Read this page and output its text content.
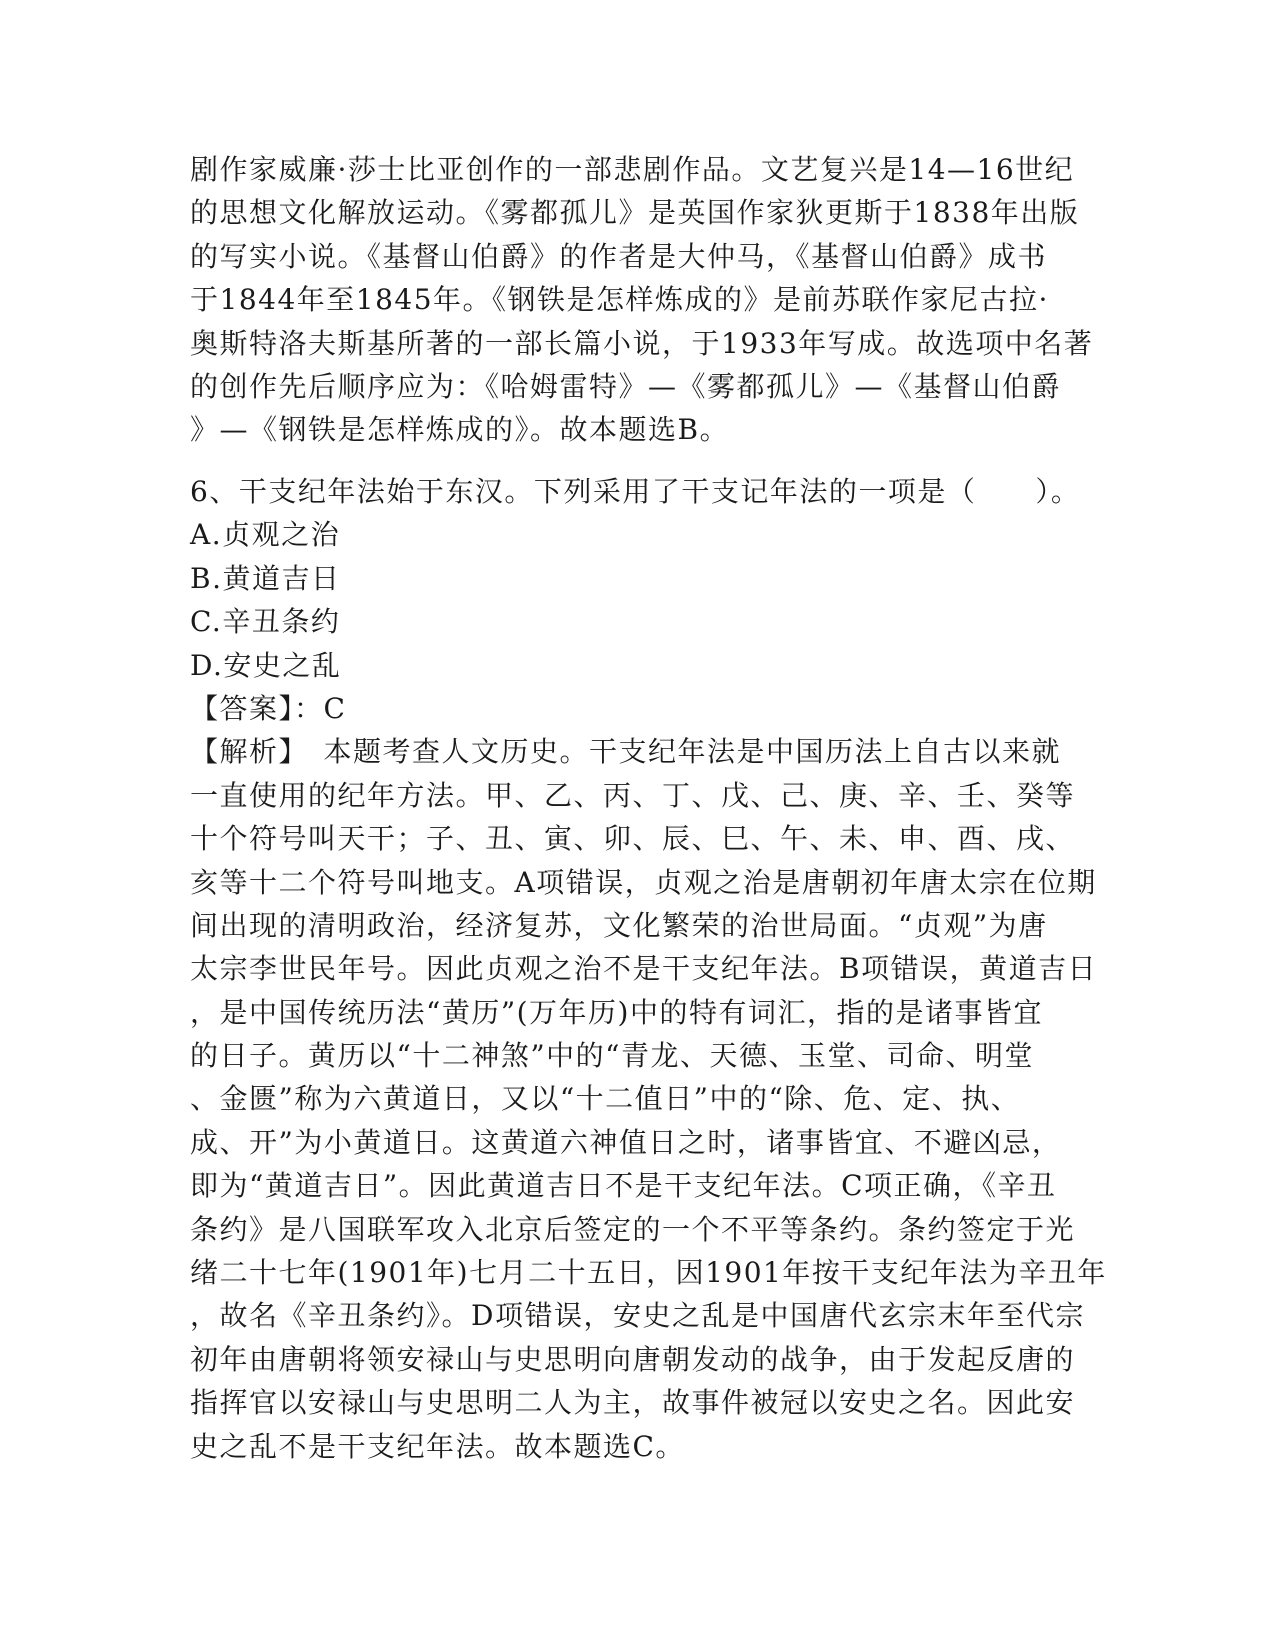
剧作家威廉·莎士比亚创作的一部悲剧作品。文艺复兴是14—16世纪
的思想文化解放运动。《雾都孤儿》是英国作家狄更斯于1838年出版
的写实小说。《基督山伯爵》的作者是大仲马，《基督山伯爵》成书
于1844年至1845年。《钢铁是怎样炼成的》是前苏联作家尼古拉·
奥斯特洛夫斯基所著的一部长篇小说，于1933年写成。故选项中名著
的创作先后顺序应为：《哈姆雷特》—《雾都孤儿》—《基督山伯爵
》—《钢铁是怎样炼成的》。故本题选B。
6、干支纪年法始于东汉。下列采用了干支记年法的一项是（　　）。
A.贞观之治
B.黄道吉日
C.辛丑条约
D.安史之乱
【答案】：C
【解析】　本题考查人文历史。干支纪年法是中国历法上自古以来就
一直使用的纪年方法。甲、乙、丙、丁、戊、己、庚、辛、壬、癸等
十个符号叫天干；子、丑、寅、卯、辰、巳、午、未、申、酉、戌、
亥等十二个符号叫地支。A项错误，贞观之治是唐朝初年唐太宗在位期
间出现的清明政治，经济复苏，文化繁荣的治世局面。“贞观”为唐
太宗李世民年号。因此贞观之治不是干支纪年法。B项错误，黄道吉日
，是中国传统历法“黄历”(万年历)中的特有词汇，指的是诸事皆宜
的日子。黄历以“十二神煞”中的“青龙、天德、玉堂、司命、明堂
、金匮”称为六黄道日，又以“十二值日”中的“除、危、定、执、
成、开”为小黄道日。这黄道六神值日之时，诸事皆宜、不避凶忌，
即为“黄道吉日”。因此黄道吉日不是干支纪年法。C项正确，《辛丑
条约》是八国联军攻入北京后签定的一个不平等条约。条约签定于光
绪二十七年(1901年)七月二十五日，因1901年按干支纪年法为辛丑年
，故名《辛丑条约》。D项错误，安史之乱是中国唐代玄宗末年至代宗
初年由唐朝将领安禄山与史思明向唐朝发动的战争，由于发起反唐的
指挥官以安禄山与史思明二人为主，故事件被冠以安史之名。因此安
史之乱不是干支纪年法。故本题选C。
